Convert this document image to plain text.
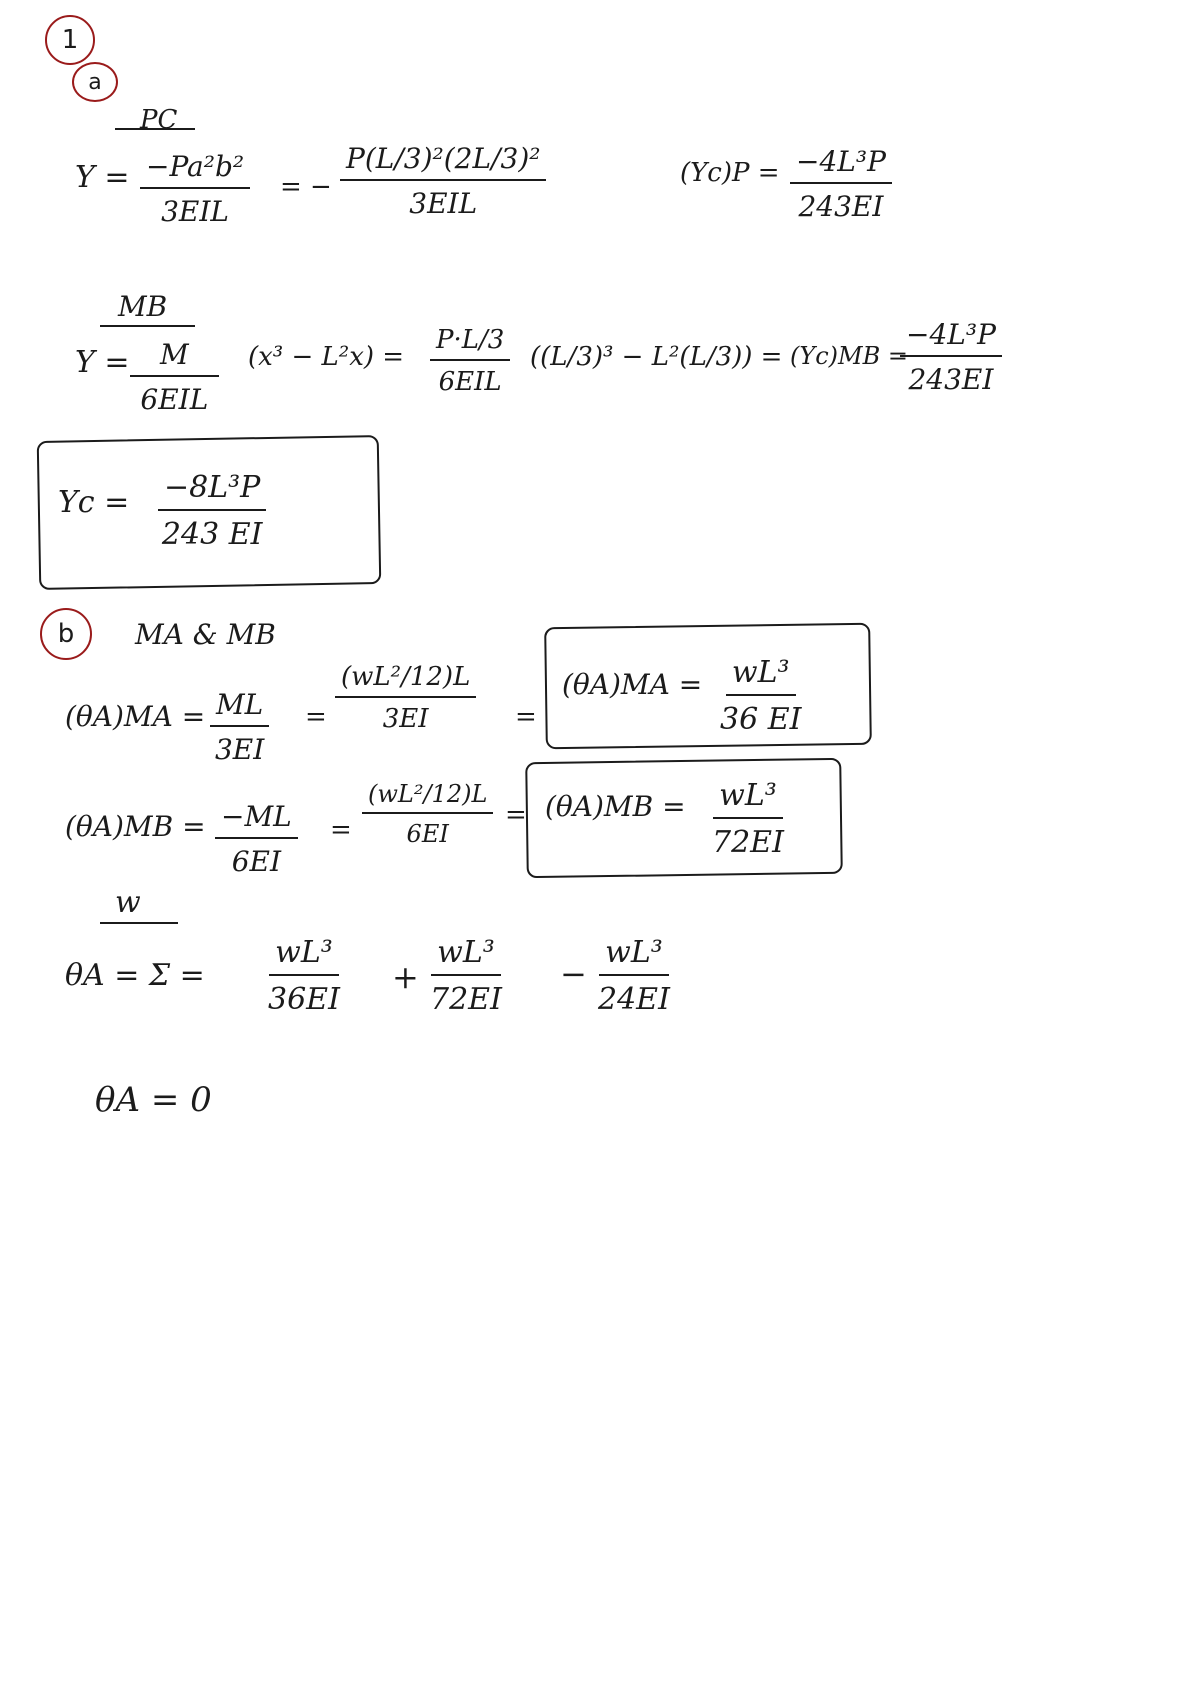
1
a
PC
Y = −Pa²b²
3EIL
= −
P(L/3)²(2L/3)²
3EIL
$(Yc)P = \frac{\text{−4L³P}}{243EI}$
MB
Y =	M
6EIL
(x³ − L²x) =
P·L/3
6EIL
((L/3)³ − L²(L/3)) = (Yc)MB =
$\frac{\text{−4L³P}}{243EI}$
$Yc = \frac{\text{−8L³P}}{243 EI}$
b MA & MB
$(\theta A)MA = \frac{ML}{3EI} = \frac{\text{(wL²/12)L}}{3EI}$ =
$(\theta A)MA = \frac{\text{wL³}}{36 EI}$
$(\theta A)MB = \frac{-ML}{6EI} = \frac{\text{(wL²/12)L}}{6EI} = (\theta A)MB = \frac{\text{wL³}}{72EI}$
w
$\theta A = \Sigma = \frac{\text{wL³}}{36EI} + \frac{\text{wL³}}{72EI} - \frac{\text{wL³}}{24EI}$
θA = 0
